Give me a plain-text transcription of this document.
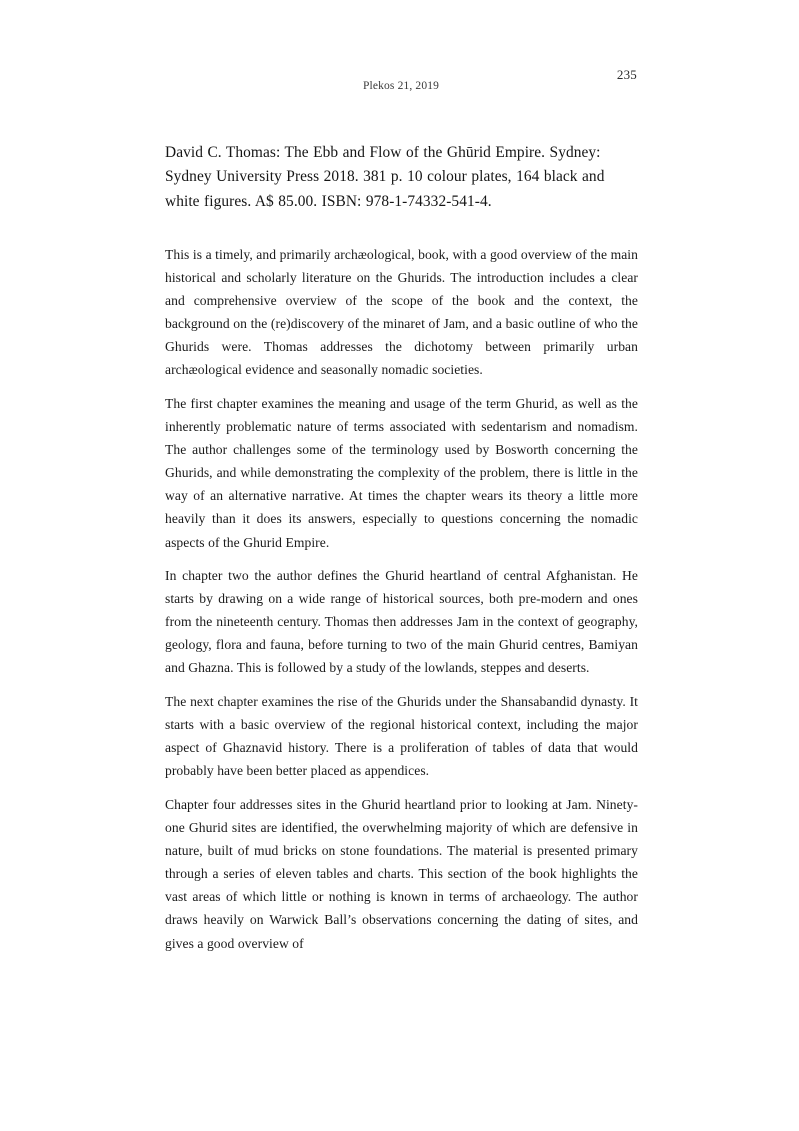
Plekos 21, 2019
235

David C. Thomas: The Ebb and Flow of the Ghūrid Empire. Sydney: Sydney University Press 2018. 381 p. 10 colour plates, 164 black and white figures. A$ 85.00. ISBN: 978-1-74332-541-4.

This is a timely, and primarily archæological, book, with a good overview of the main historical and scholarly literature on the Ghurids. The introduction includes a clear and comprehensive overview of the scope of the book and the context, the background on the (re)discovery of the minaret of Jam, and a basic outline of who the Ghurids were. Thomas addresses the dichotomy between primarily urban archæological evidence and seasonally nomadic societies.

The first chapter examines the meaning and usage of the term Ghurid, as well as the inherently problematic nature of terms associated with sedentarism and nomadism. The author challenges some of the terminology used by Bosworth concerning the Ghurids, and while demonstrating the complexity of the problem, there is little in the way of an alternative narrative. At times the chapter wears its theory a little more heavily than it does its answers, especially to questions concerning the nomadic aspects of the Ghurid Empire.

In chapter two the author defines the Ghurid heartland of central Afghanistan. He starts by drawing on a wide range of historical sources, both pre-modern and ones from the nineteenth century. Thomas then addresses Jam in the context of geography, geology, flora and fauna, before turning to two of the main Ghurid centres, Bamiyan and Ghazna. This is followed by a study of the lowlands, steppes and deserts.

The next chapter examines the rise of the Ghurids under the Shansabandid dynasty. It starts with a basic overview of the regional historical context, including the major aspect of Ghaznavid history. There is a proliferation of tables of data that would probably have been better placed as appendices.

Chapter four addresses sites in the Ghurid heartland prior to looking at Jam. Ninety-one Ghurid sites are identified, the overwhelming majority of which are defensive in nature, built of mud bricks on stone foundations. The material is presented primary through a series of eleven tables and charts. This section of the book highlights the vast areas of which little or nothing is known in terms of archaeology. The author draws heavily on Warwick Ball’s observations concerning the dating of sites, and gives a good overview of
